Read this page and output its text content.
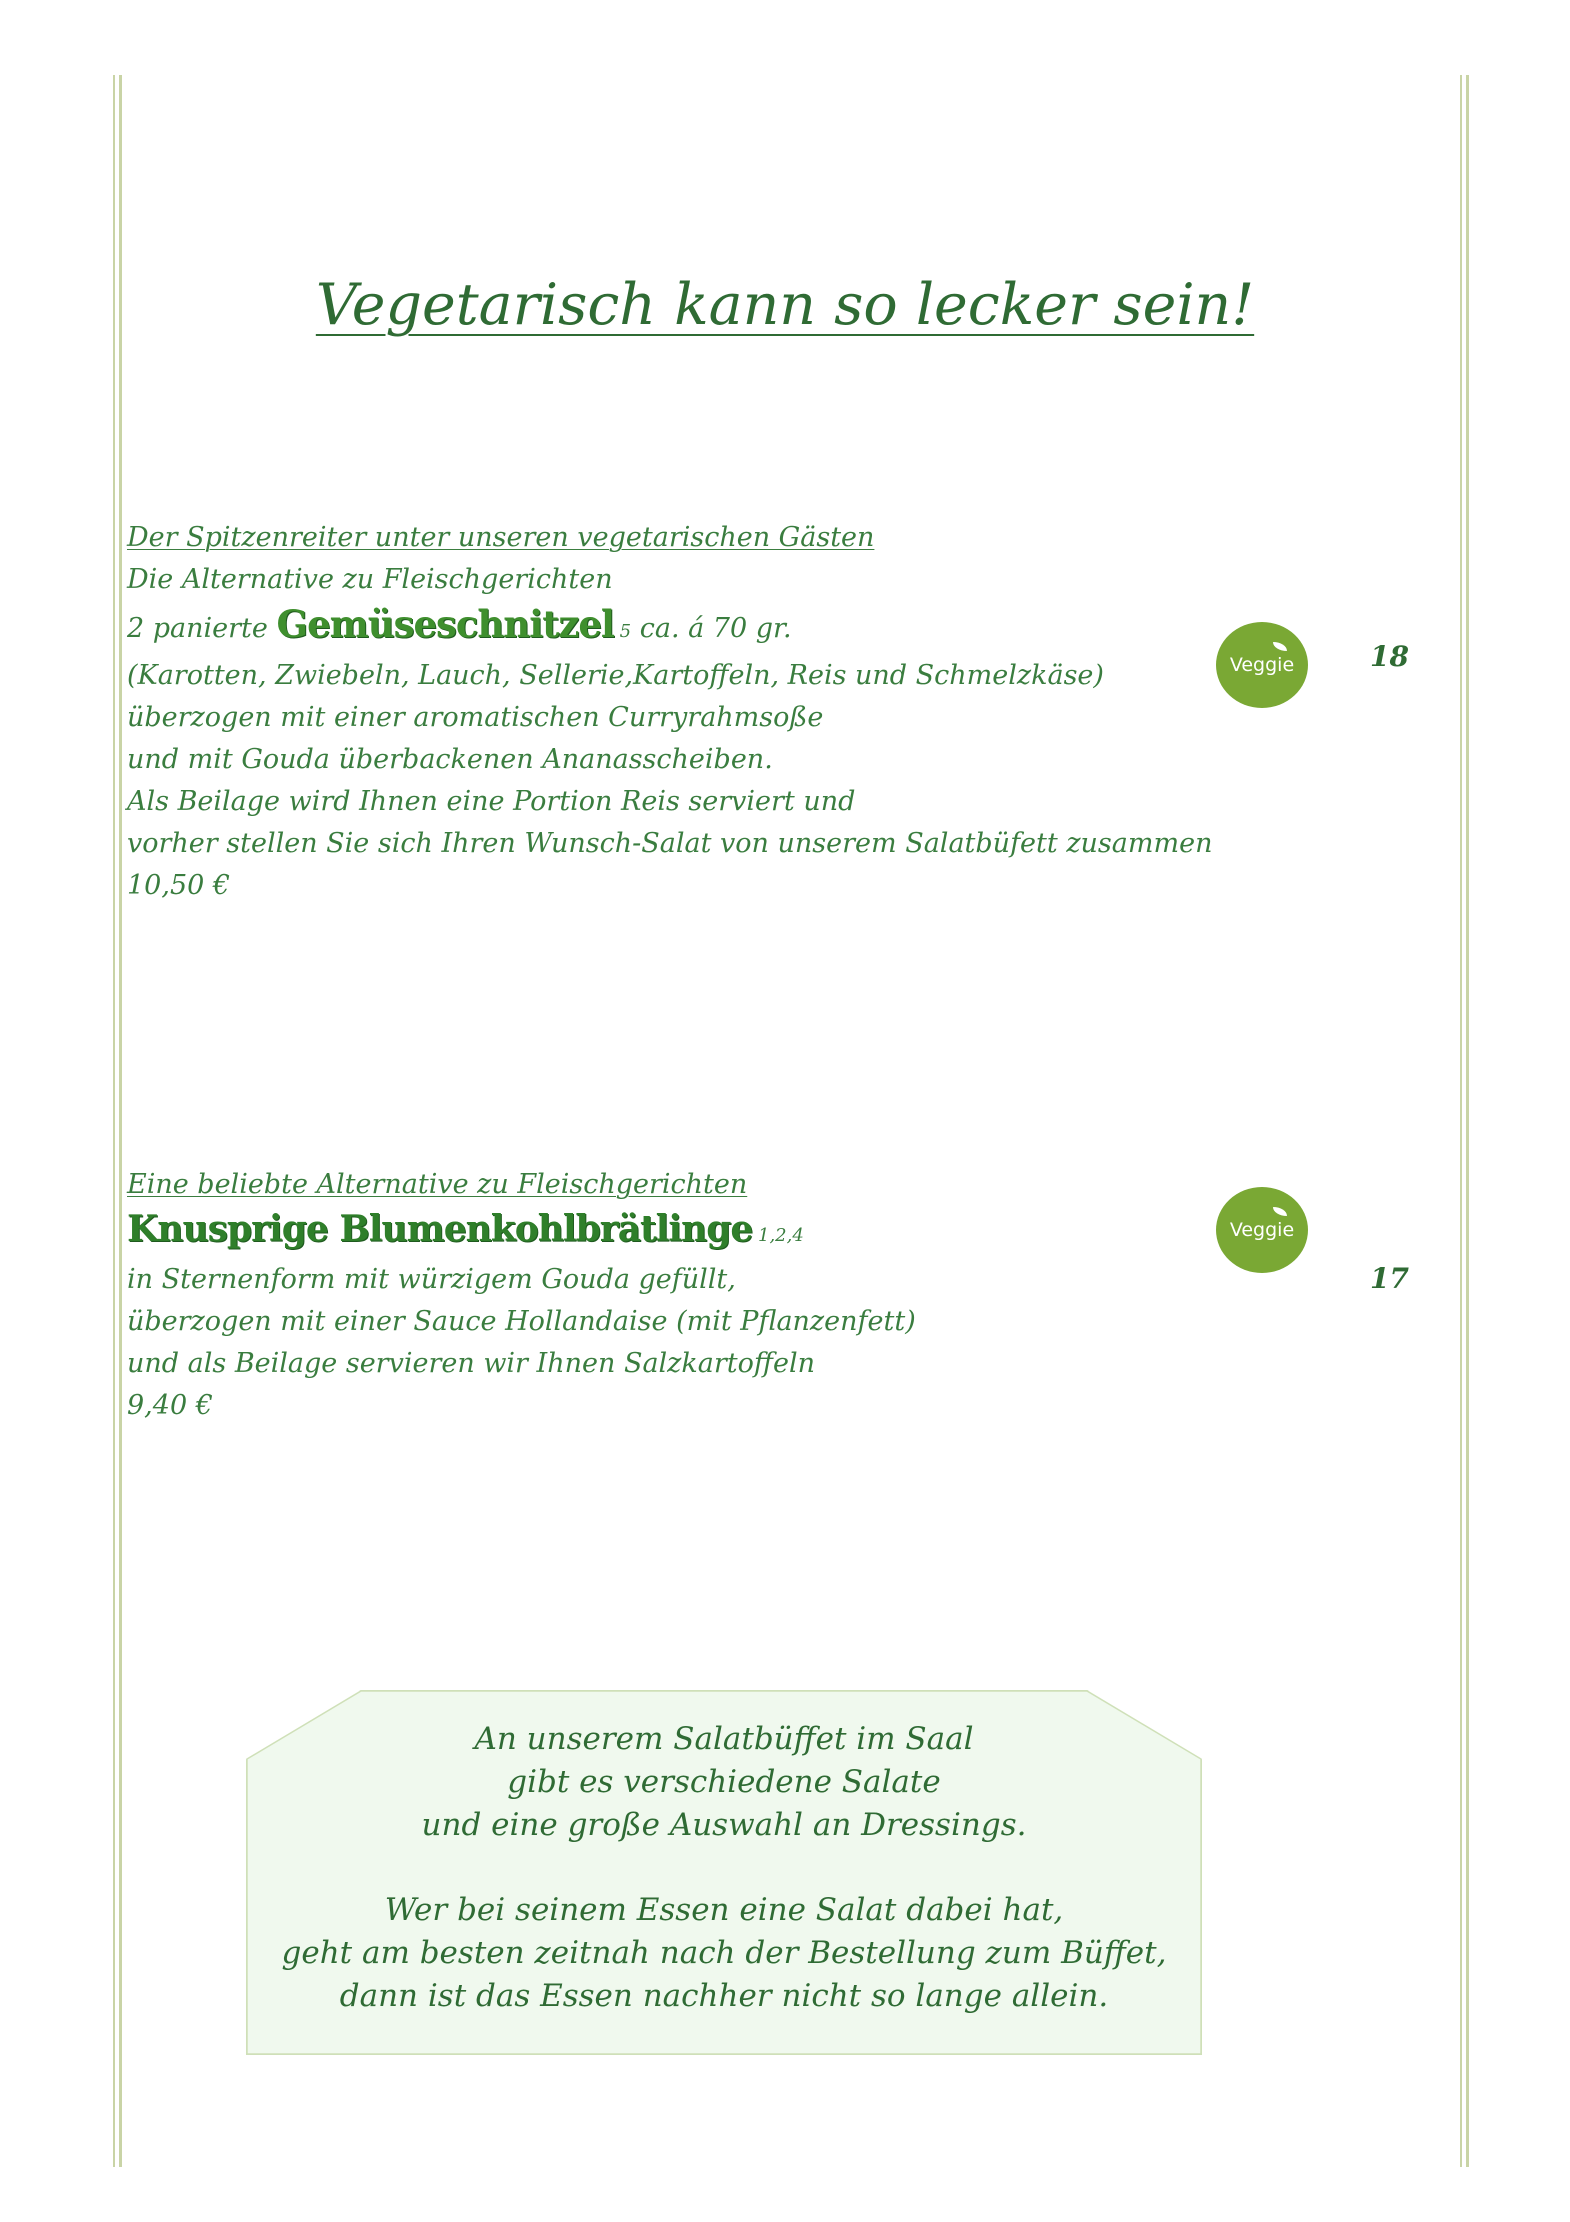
Vegetarisch kann so lecker sein!
Der Spitzenreiter unter unseren vegetarischen Gästen
Die Alternative zu Fleischgerichten
2 panierte Gemüseschnitzel 5 ca. á 70 gr.
(Karotten, Zwiebeln, Lauch, Sellerie,Kartoffeln, Reis und Schmelzkäse)
überzogen mit einer aromatischen Curryrahmsoße
und mit Gouda überbackenen Ananasscheiben.
Als Beilage wird Ihnen eine Portion Reis serviert und
vorher stellen Sie sich Ihren Wunsch-Salat von unserem Salatbüfett zusammen
10,50 €
Veggie	18
Eine beliebte Alternative zu Fleischgerichten
Knusprige Blumenkohlbrätlinge 1,2,4
in Sternenform mit würzigem Gouda gefüllt,
überzogen mit einer Sauce Hollandaise (mit Pflanzenfett)
und als Beilage servieren wir Ihnen Salzkartoffeln
9,40 €
Veggie
17
An unserem Salatbüffet im Saal
gibt es verschiedene Salate
und eine große Auswahl an Dressings.
Wer bei seinem Essen eine Salat dabei hat,
geht am besten zeitnah nach der Bestellung zum Büffet,
dann ist das Essen nachher nicht so lange allein.
